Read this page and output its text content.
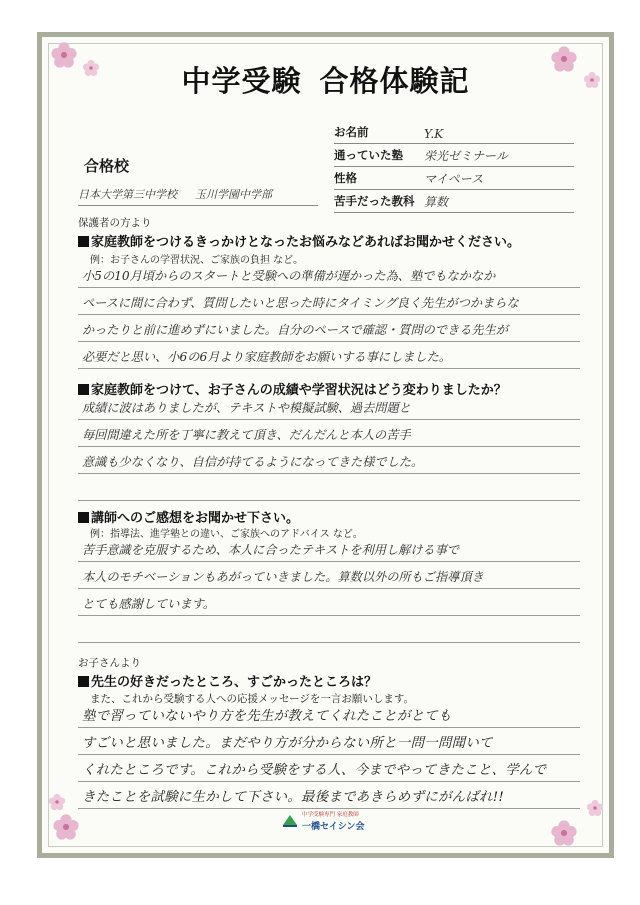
中学受験 合格体験記
お名前	Y.K
通っていた塾	栄光ゼミナール
性格	マイペース
苦手だった教科 算数
合格校
日本大学第三中学校 玉川学園中学部
保護者の方より
家庭教師をつけるきっかけとなったお悩みなどあればお聞かせください。
例：お子さんの学習状況、ご家族の負担 など。
小5の10月頃からのスタートと受験への準備が遅かった為、塾でもなかなか
ペースに間に合わず、質問したいと思った時にタイミング良く先生がつかまらな
かったりと前に進めずにいました。自分のペースで確認・質問のできる先生が
必要だと思い、小6の6月より家庭教師をお願いする事にしました。
家庭教師をつけて、お子さんの成績や学習状況はどう変わりましたか？
成績に波はありましたが、テキストや模擬試験、過去問題と
毎回間違えた所を丁寧に教えて頂き、だんだんと本人の苦手
意識も少なくなり、自信が持てるようになってきた様でした。
講師へのご感想をお聞かせ下さい。
例：指導法、進学塾との違い、ご家族へのアドバイス など。
苦手意識を克服するため、本人に合ったテキストを利用し解ける事で
本人のモチベーションもあがっていきました。算数以外の所もご指導頂き
とても感謝しています。
お子さんより
先生の好きだったところ、すごかったところは？
また、これから受験する人への応援メッセージを一言お願いします。
塾で習っていないやり方を先生が教えてくれたことがとても
すごいと思いました。まだやり方が分からない所と一問一問聞いて
くれたところです。これから受験をする人、今までやってきたこと、学んで
きたことを試験に生かして下さい。最後まであきらめずにがんばれ!!
中学受験専門 家庭教師
一橋セイシン会
